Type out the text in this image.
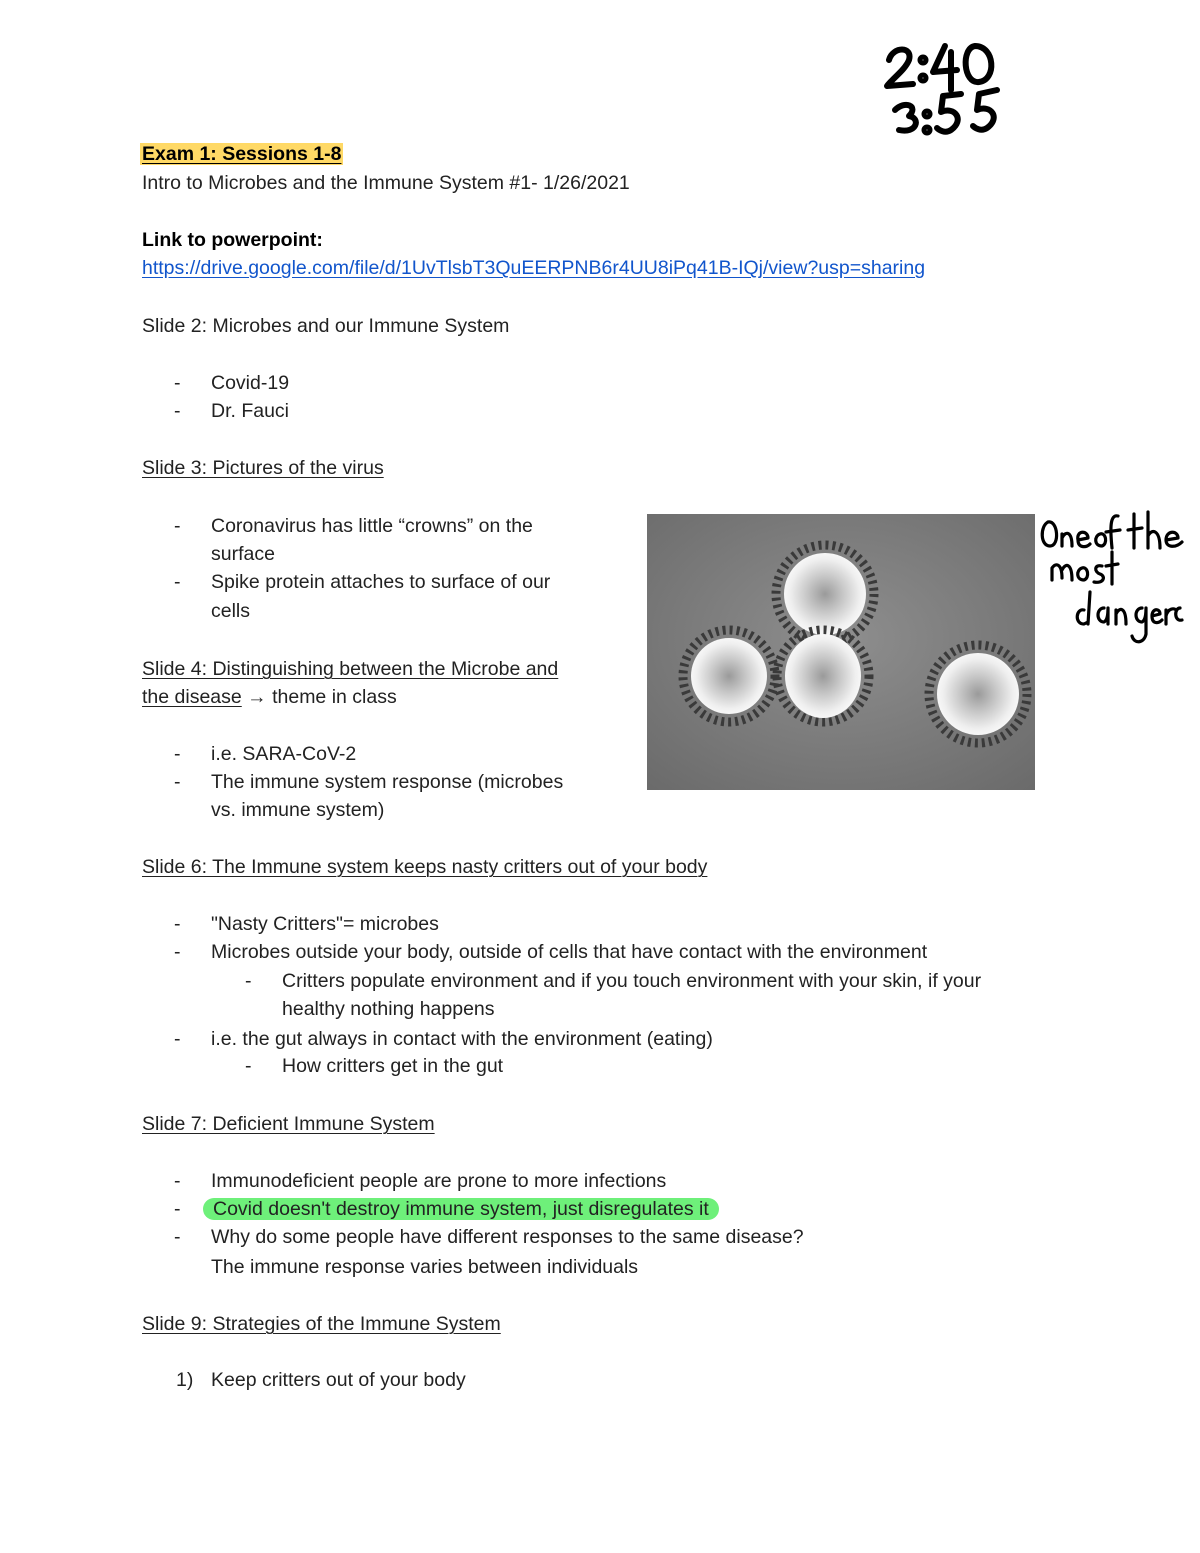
Exam 1: Sessions 1-8
Intro to Microbes and the Immune System #1- 1/26/2021
Link to powerpoint:
https://drive.google.com/file/d/1UvTlsbT3QuEERPNB6r4UU8iPq41B-IQj/view?usp=sharing
Slide 2: Microbes and our Immune System
- Covid-19
- Dr. Fauci
Slide 3: Pictures of the virus
- Coronavirus has little “crowns” on the
surface
- Spike protein attaches to surface of our
cells
Slide 4: Distinguishing between the Microbe and
the disease → theme in class
- i.e. SARA-CoV-2
- The immune system response (microbes
vs. immune system)
Slide 6: The Immune system keeps nasty critters out of your body
- "Nasty Critters"= microbes
- Microbes outside your body, outside of cells that have contact with the environment
- Critters populate environment and if you touch environment with your skin, if your
healthy nothing happens
- i.e. the gut always in contact with the environment (eating)
- How critters get in the gut
Slide 7: Deficient Immune System
- Immunodeficient people are prone to more infections
- Covid doesn't destroy immune system, just disregulates it
- Why do some people have different responses to the same disease?
The immune response varies between individuals
Slide 9: Strategies of the Immune System
1) Keep critters out of your body
